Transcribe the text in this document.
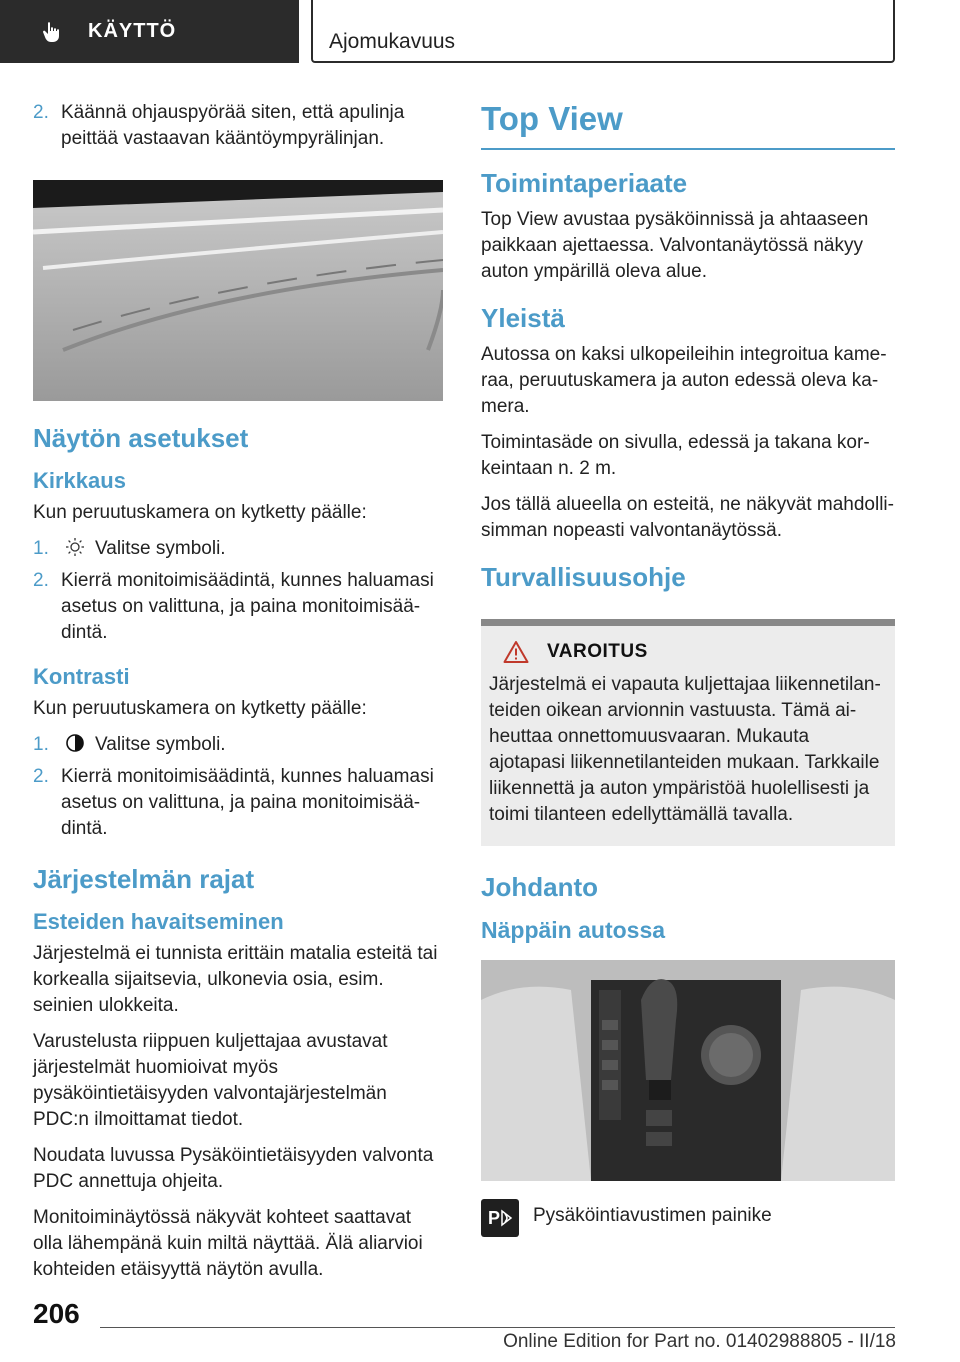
KÄYTTÖ	Ajomukavuus
2. Käännä ohjauspyörää siten, että apulinja peittää vastaavan kääntöympyrälinjan.
Näytön asetukset
Kirkkaus

Kun peruutuskamera on kytketty päälle:

1.	Valitse symboli.
2. Kierrä monitoimisäädintä, kunnes haluamasi asetus on valittuna, ja paina monitoimisäädintä.
Kontrasti

Kun peruutuskamera on kytketty päälle:

1.	Valitse symboli.
2. Kierrä monitoimisäädintä, kunnes haluamasi asetus on valittuna, ja paina monitoimisäädintä.
Järjestelmän rajat
Esteiden havaitseminen

Järjestelmä ei tunnista erittäin matalia esteitä tai korkealla sijaitsevia, ulkonevia osia, esim. seinien ulokkeita.

Varustelusta riippuen kuljettajaa avustavat järjestelmät huomioivat myös pysäköintietäisyyden valvontajärjestelmän PDC:n ilmoittamat tiedot.

Noudata luvussa Pysäköintietäisyyden valvonta PDC annettuja ohjeita.

Monitoiminäytössä näkyvät kohteet saattavat olla lähempänä kuin miltä näyttää. Älä aliarvioi kohteiden etäisyyttä näytön avulla.

Top View
Toimintaperiaate

Top View avustaa pysäköinnissä ja ahtaaseen paikkaan ajettaessa. Valvontanäytössä näkyy auton ympärillä oleva alue.

Yleistä

Autossa on kaksi ulkopeileihin integroitua kameraa, peruutuskamera ja auton edessä oleva kamera.

Toimintasäde on sivulla, edessä ja takana korkeintaan n. 2 m.

Jos tällä alueella on esteitä, ne näkyvät mahdollisimman nopeasti valvontanäytössä.

Turvallisuusohje
VAROITUS

Järjestelmä ei vapauta kuljettajaa liikennetilanteiden oikean arvionnin vastuusta. Tämä aiheuttaa onnettomuusvaaran. Mukauta ajotapasi liikennetilanteiden mukaan. Tarkkaile liikennettä ja auton ympäristöä huolellisesti ja toimi tilanteen edellyttämällä tavalla.

Johdanto
Näppäin autossa
P Pysäköintiavustimen painike
206
Online Edition for Part no. 01402988805 - II/18
